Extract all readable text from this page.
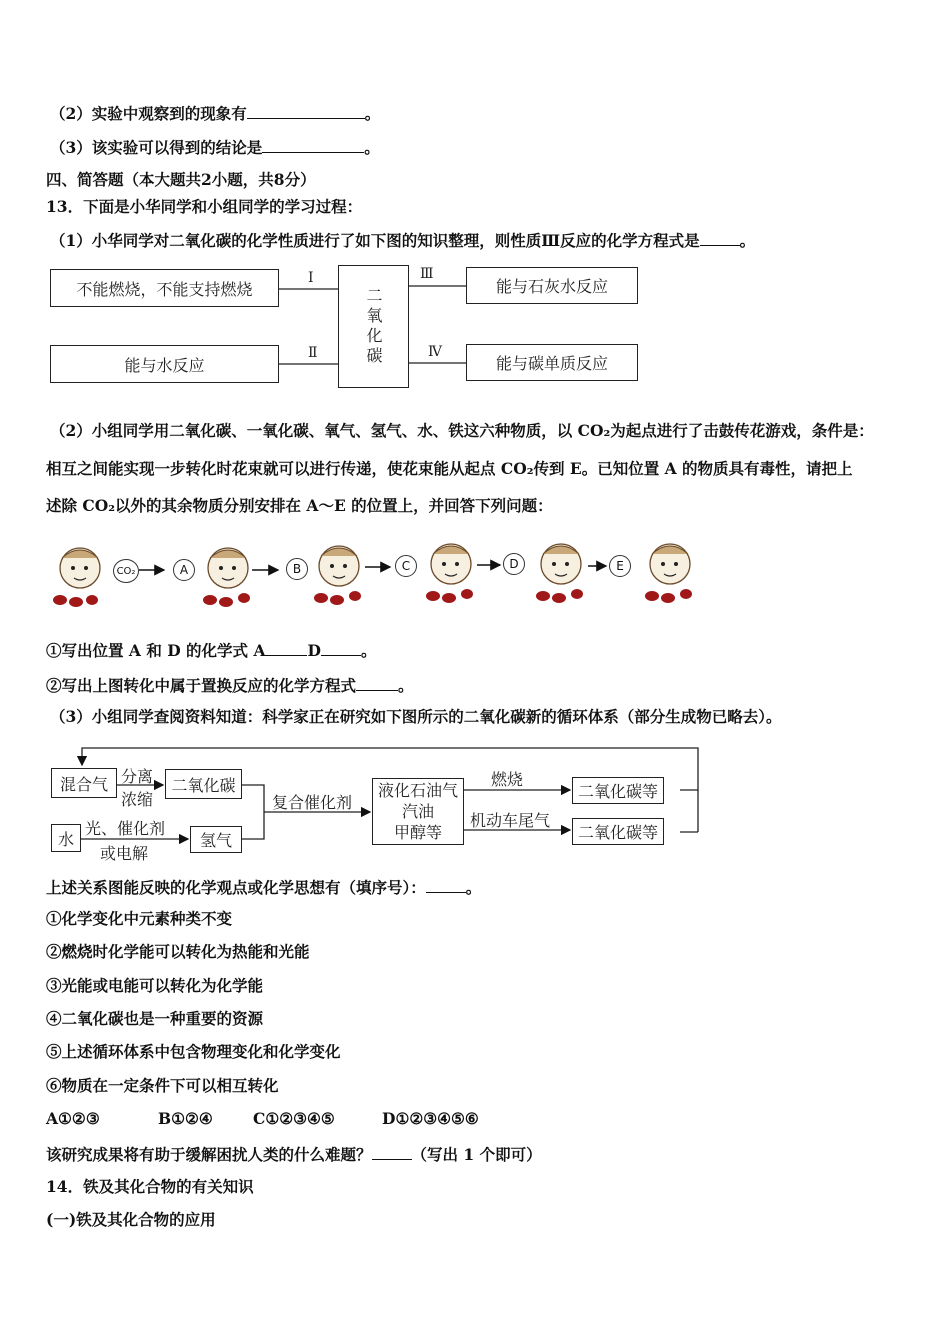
（2）实验中观察到的现象有	。
（3）该实验可以得到的结论是	。
四、简答题（本大题共2小题，共8分）
13．下面是小华同学和小组同学的学习过程：
（1）小华同学对二氧化碳的化学性质进行了如下图的知识整理，则性质Ⅲ反应的化学方程式是	。
不能燃烧，不能支持燃烧
能与水反应
能与石灰水反应
能与碳单质反应
二氧化碳
Ⅰ
Ⅱ
Ⅲ
Ⅳ
（2）小组同学用二氧化碳、一氧化碳、氧气、氢气、水、铁这六种物质，以 CO₂为起点进行了击鼓传花游戏，条件是：
相互之间能实现一步转化时花束就可以进行传递，使花束能从起点 CO₂传到 E。已知位置 A 的物质具有毒性，请把上
述除 CO₂以外的其余物质分别安排在 A～E 的位置上，并回答下列问题：
CO₂	A	B	C	D	E
①写出位置 A 和 D 的化学式 A	D	。
②写出上图转化中属于置换反应的化学方程式	。
（3）小组同学查阅资料知道：科学家正在研究如下图所示的二氧化碳新的循环体系（部分生成物已略去）。
混合气 分离
浓缩
二氧化碳
水
光、催化剂
或电解
氢气
复合催化剂
液化石油气
汽油
甲醇等
燃烧
机动车尾气
二氧化碳等
二氧化碳等
上述关系图能反映的化学观点或化学思想有（填序号）：	。
①化学变化中元素种类不变
②燃烧时化学能可以转化为热能和光能
③光能或电能可以转化为化学能
④二氧化碳也是一种重要的资源
⑤上述循环体系中包含物理变化和化学变化
⑥物质在一定条件下可以相互转化
A①②③	B①②④	C①②③④⑤	D①②③④⑤⑥
该研究成果将有助于缓解困扰人类的什么难题？	（写出 1 个即可）
14．铁及其化合物的有关知识
(一)铁及其化合物的应用
